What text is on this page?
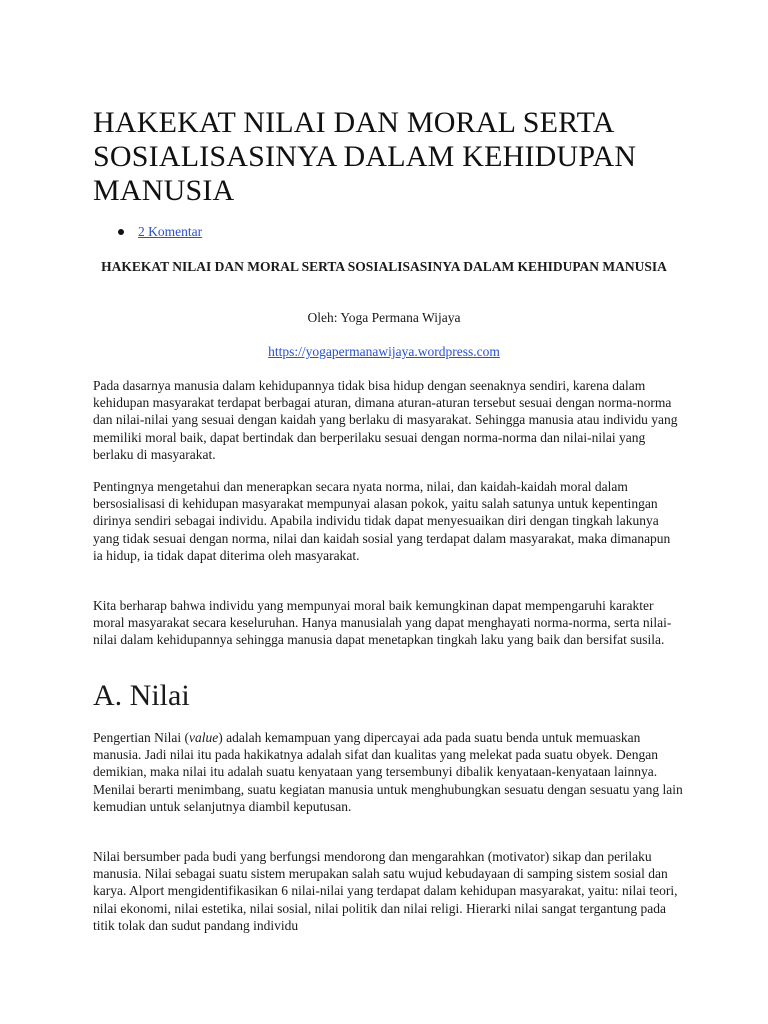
HAKEKAT NILAI DAN MORAL SERTA SOSIALISASINYA DALAM KEHIDUPAN MANUSIA
2 Komentar

HAKEKAT NILAI DAN MORAL SERTA SOSIALISASINYA DALAM KEHIDUPAN MANUSIA

Oleh: Yoga Permana Wijaya

https://yogapermanawijaya.wordpress.com

Pada dasarnya manusia dalam kehidupannya tidak bisa hidup dengan seenaknya sendiri, karena dalam kehidupan masyarakat terdapat berbagai aturan, dimana aturan-aturan tersebut sesuai dengan norma-norma dan nilai-nilai yang sesuai dengan kaidah yang berlaku di masyarakat. Sehingga manusia atau individu yang memiliki moral baik, dapat bertindak dan berperilaku sesuai dengan norma-norma dan nilai-nilai yang berlaku di masyarakat.

Pentingnya mengetahui dan menerapkan secara nyata norma, nilai, dan kaidah-kaidah moral dalam bersosialisasi di kehidupan masyarakat mempunyai alasan pokok, yaitu salah satunya untuk kepentingan dirinya sendiri sebagai individu. Apabila individu tidak dapat menyesuaikan diri dengan tingkah lakunya yang tidak sesuai dengan norma, nilai dan kaidah sosial yang terdapat dalam masyarakat, maka dimanapun ia hidup, ia tidak dapat diterima oleh masyarakat.

Kita berharap bahwa individu yang mempunyai moral baik kemungkinan dapat mempengaruhi karakter moral masyarakat secara keseluruhan. Hanya manusialah yang dapat menghayati norma-norma, serta nilai-nilai dalam kehidupannya sehingga manusia dapat menetapkan tingkah laku yang baik dan bersifat susila.

A. Nilai

Pengertian Nilai (value) adalah kemampuan yang dipercayai ada pada suatu benda untuk memuaskan manusia. Jadi nilai itu pada hakikatnya adalah sifat dan kualitas yang melekat pada suatu obyek. Dengan demikian, maka nilai itu adalah suatu kenyataan yang tersembunyi dibalik kenyataan-kenyataan lainnya. Menilai berarti menimbang, suatu kegiatan manusia untuk menghubungkan sesuatu dengan sesuatu yang lain kemudian untuk selanjutnya diambil keputusan.

Nilai bersumber pada budi yang berfungsi mendorong dan mengarahkan (motivator) sikap dan perilaku manusia. Nilai sebagai suatu sistem merupakan salah satu wujud kebudayaan di samping sistem sosial dan karya. Alport mengidentifikasikan 6 nilai-nilai yang terdapat dalam kehidupan masyarakat, yaitu: nilai teori, nilai ekonomi, nilai estetika, nilai sosial, nilai politik dan nilai religi. Hierarki nilai sangat tergantung pada titik tolak dan sudut pandang individu
